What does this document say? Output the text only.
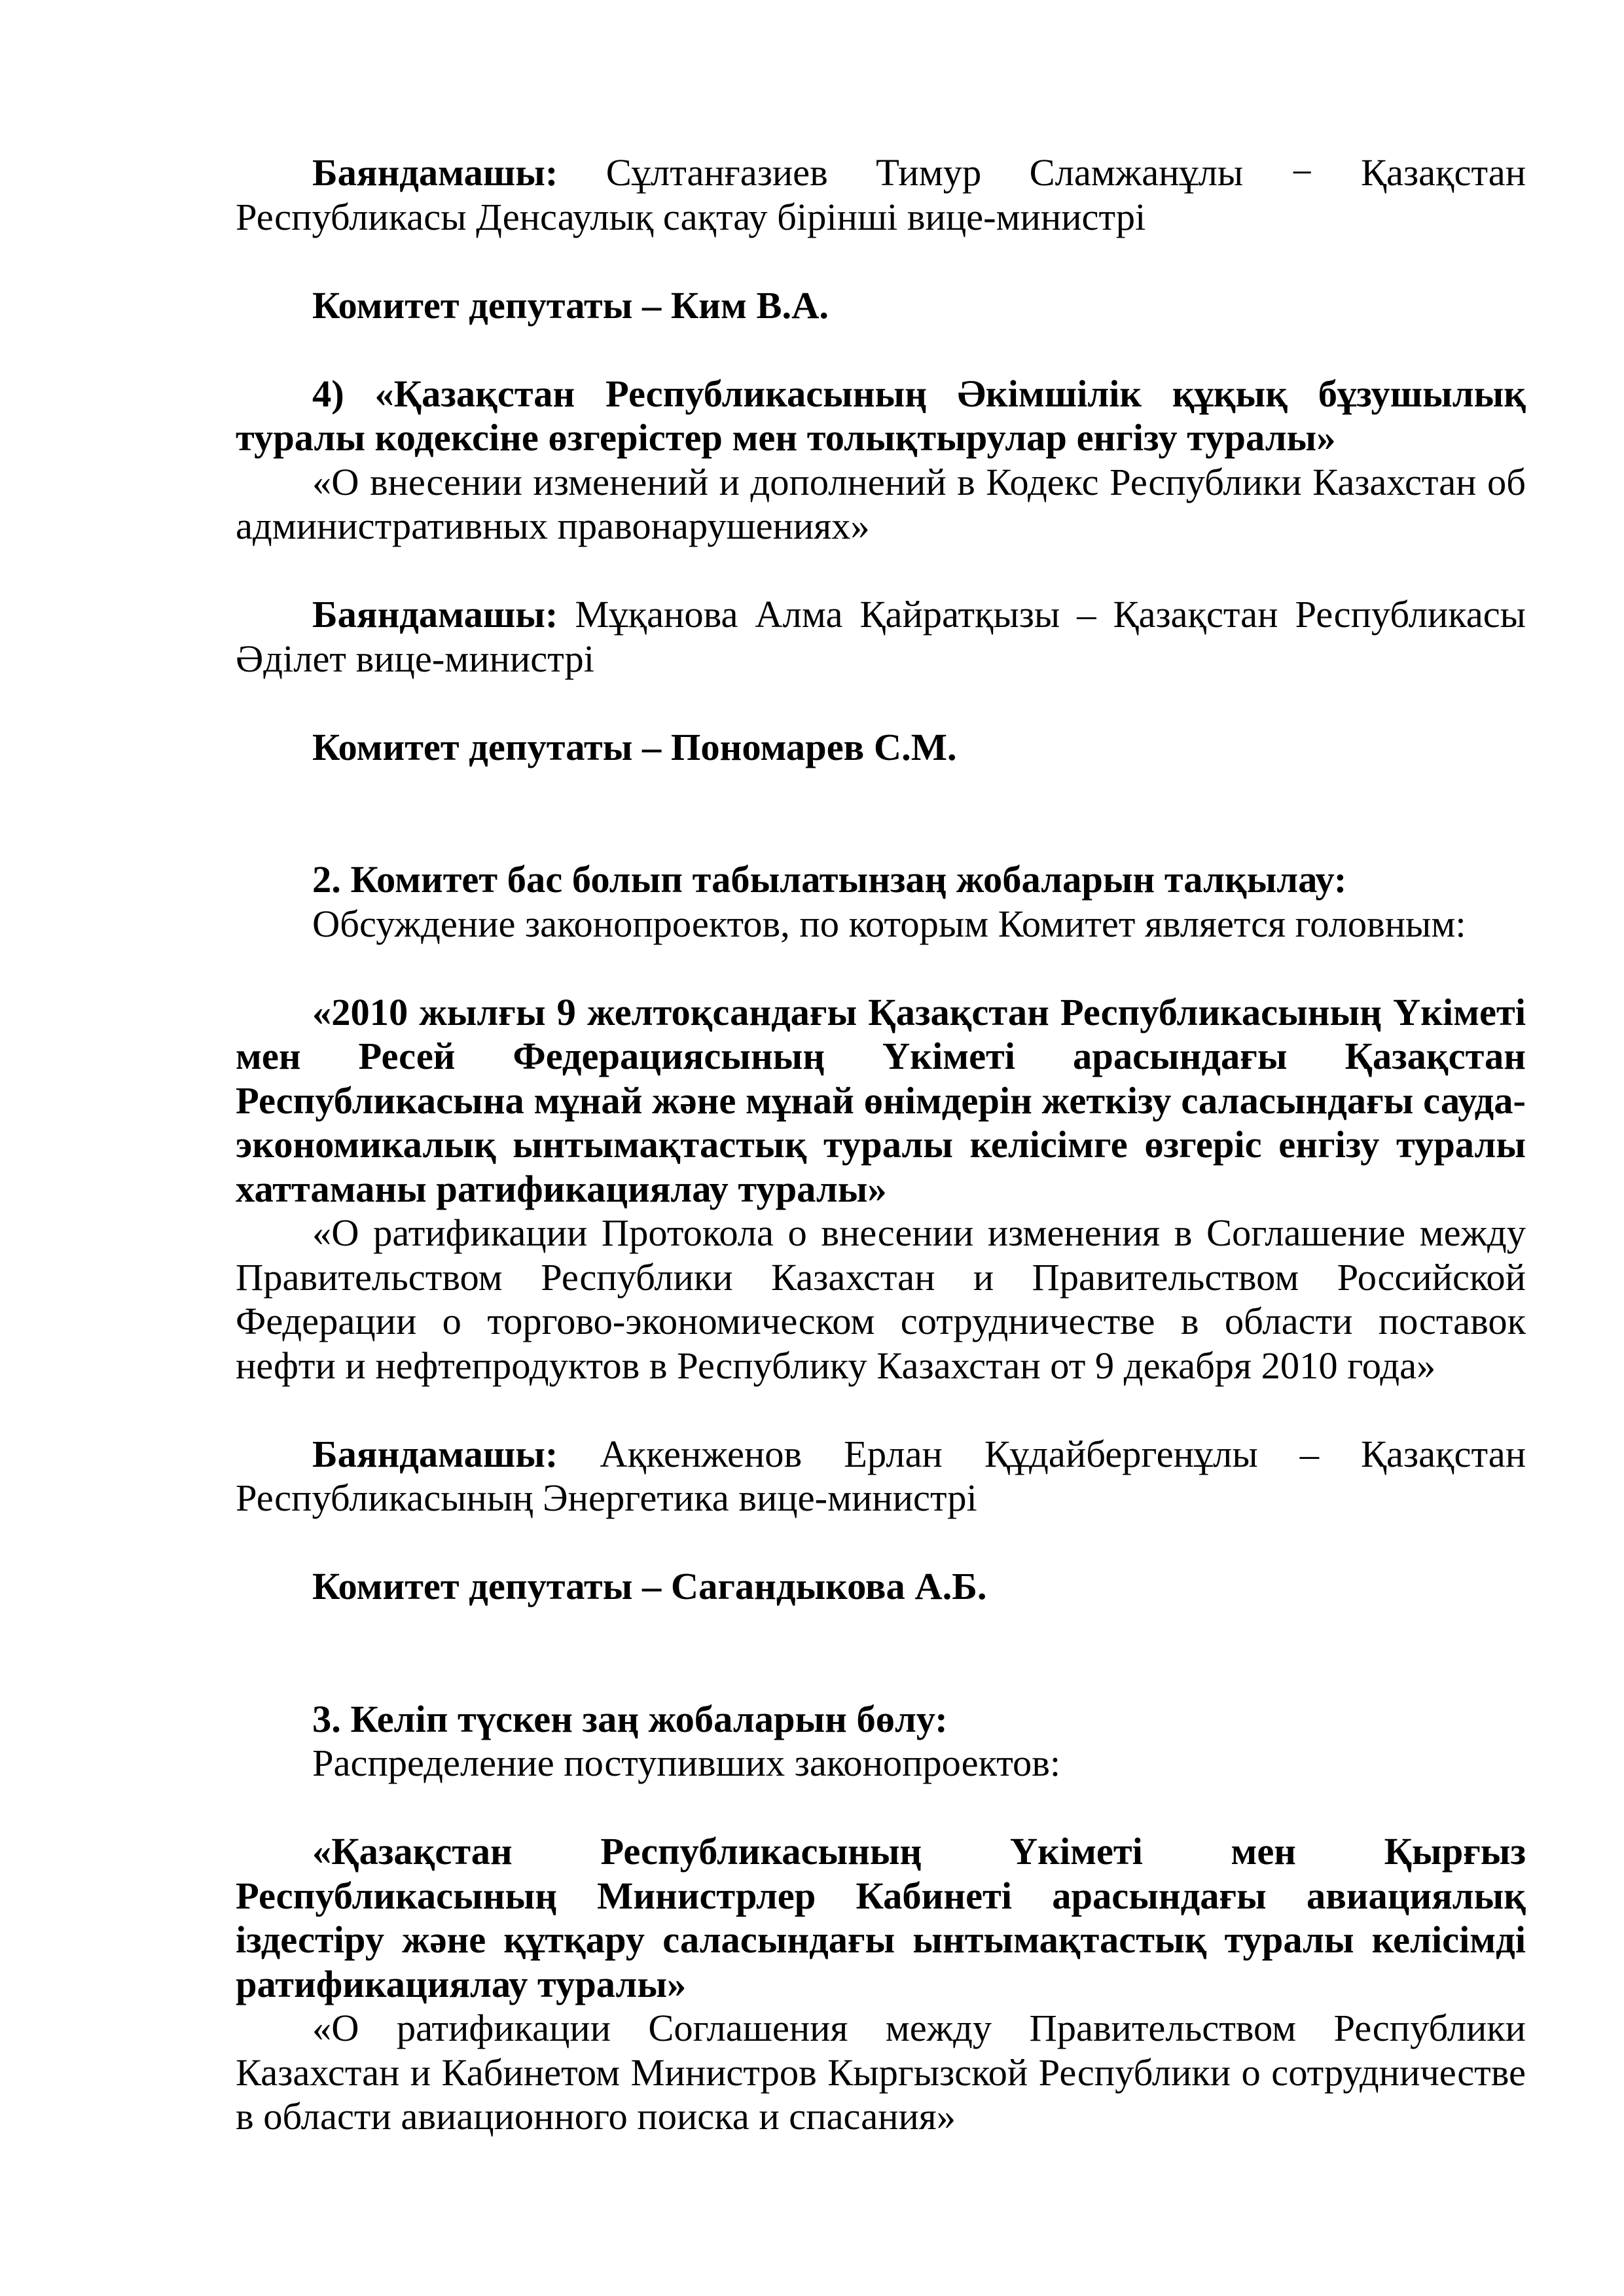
Баяндамашы: Сұлтанғазиев Тимур Сламжанұлы − Қазақстан Республикасы Денсаулық сақтау бірінші вице-министрі

Комитет депутаты – Ким В.А.

4) «Қазақстан Республикасының Әкімшілік құқық бұзушылық туралы кодексіне өзгерістер мен толықтырулар енгізу туралы»

«О внесении изменений и дополнений в Кодекс Республики Казахстан об административных правонарушениях»

Баяндамашы: Мұқанова Алма Қайратқызы – Қазақстан Республикасы Әділет вице-министрі

Комитет депутаты – Пономарев С.М.

2. Комитет бас болып табылатынзаң жобаларын талқылау:

Обсуждение законопроектов, по которым Комитет является головным:

«2010 жылғы 9 желтоқсандағы Қазақстан Республикасының Үкіметі мен Ресей Федерациясының Үкіметі арасындағы Қазақстан Республикасына мұнай және мұнай өнімдерін жеткізу саласындағы сауда-экономикалық ынтымақтастық туралы келісімге өзгеріс енгізу туралы хаттаманы ратификациялау туралы»

«О ратификации Протокола о внесении изменения в Соглашение между Правительством Республики Казахстан и Правительством Российской Федерации о торгово-экономическом сотрудничестве в области поставок нефти и нефтепродуктов в Республику Казахстан от 9 декабря 2010 года»

Баяндамашы: Ақкенженов Ерлан Құдайбергенұлы – Қазақстан Республикасының Энергетика вице-министрі

Комитет депутаты – Сагандыкова А.Б.

3. Келіп түскен заң жобаларын бөлу:

Распределение поступивших законопроектов:

«Қазақстан Республикасының Үкіметі мен Қырғыз Республикасының Министрлер Кабинеті арасындағы авиациялық іздестіру және құтқару саласындағы ынтымақтастық туралы келісімді ратификациялау туралы»

«О ратификации Соглашения между Правительством Республики Казахстан и Кабинетом Министров Кыргызской Республики о сотрудничестве в области авиационного поиска и спасания»
